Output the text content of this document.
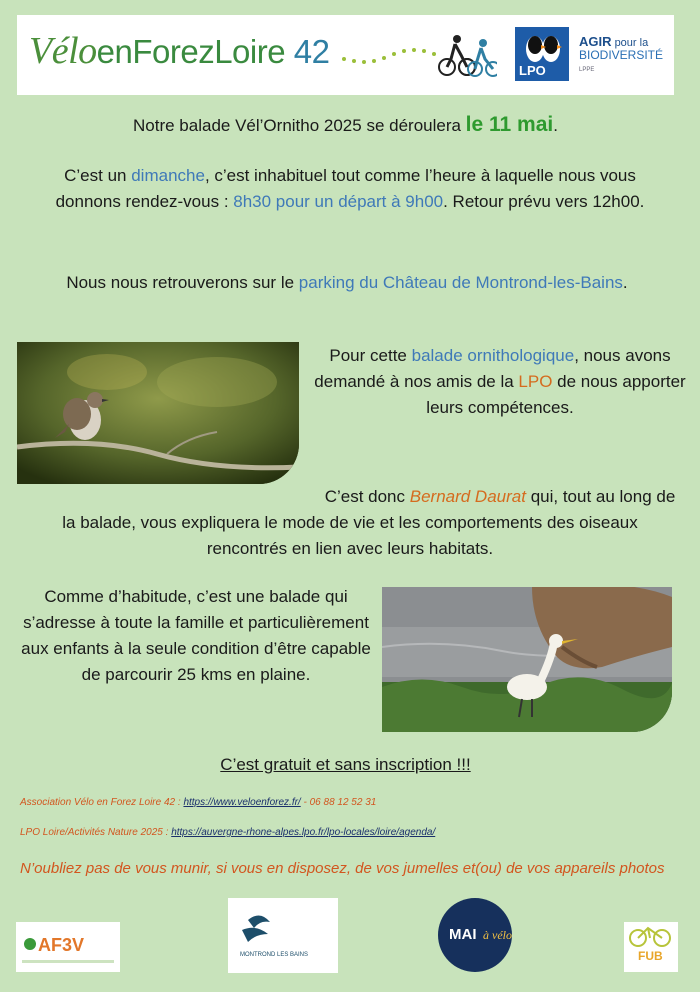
VéloenForezLoire 42
LPO
AGIR pour la
BIODIVERSITÉ
LPPE
Notre balade Vél’Ornitho 2025 se déroulera le 11 mai.
C’est un dimanche, c’est inhabituel tout comme l’heure à laquelle nous vous donnons rendez-vous : 8h30 pour un départ à 9h00. Retour prévu vers 12h00.
Nous nous retrouverons sur le parking du Château de Montrond-les-Bains.
Pour cette balade ornithologique, nous avons demandé à nos amis de la LPO de nous apporter leurs compétences.
C’est donc Bernard Daurat qui, tout au long de la balade, vous expliquera le mode de vie et les comportements des oiseaux rencontrés en lien avec leurs habitats.
Comme d’habitude, c’est une balade qui s’adresse à toute la famille et particulièrement aux enfants à la seule condition d’être capable de parcourir 25 kms en plaine.
C’est gratuit et sans inscription !!!
Association Vélo en Forez Loire 42 : https://www.veloenforez.fr/ - 06 88 12 52 31
LPO Loire/Activités Nature 2025 : https://auvergne-rhone-alpes.lpo.fr/lpo-locales/loire/agenda/
N’oubliez pas de vous munir, si vous en disposez, de vos jumelles et(ou) de vos appareils photos
AF3V	MONTROND LES BAINS
MAI à vélo
FUB
